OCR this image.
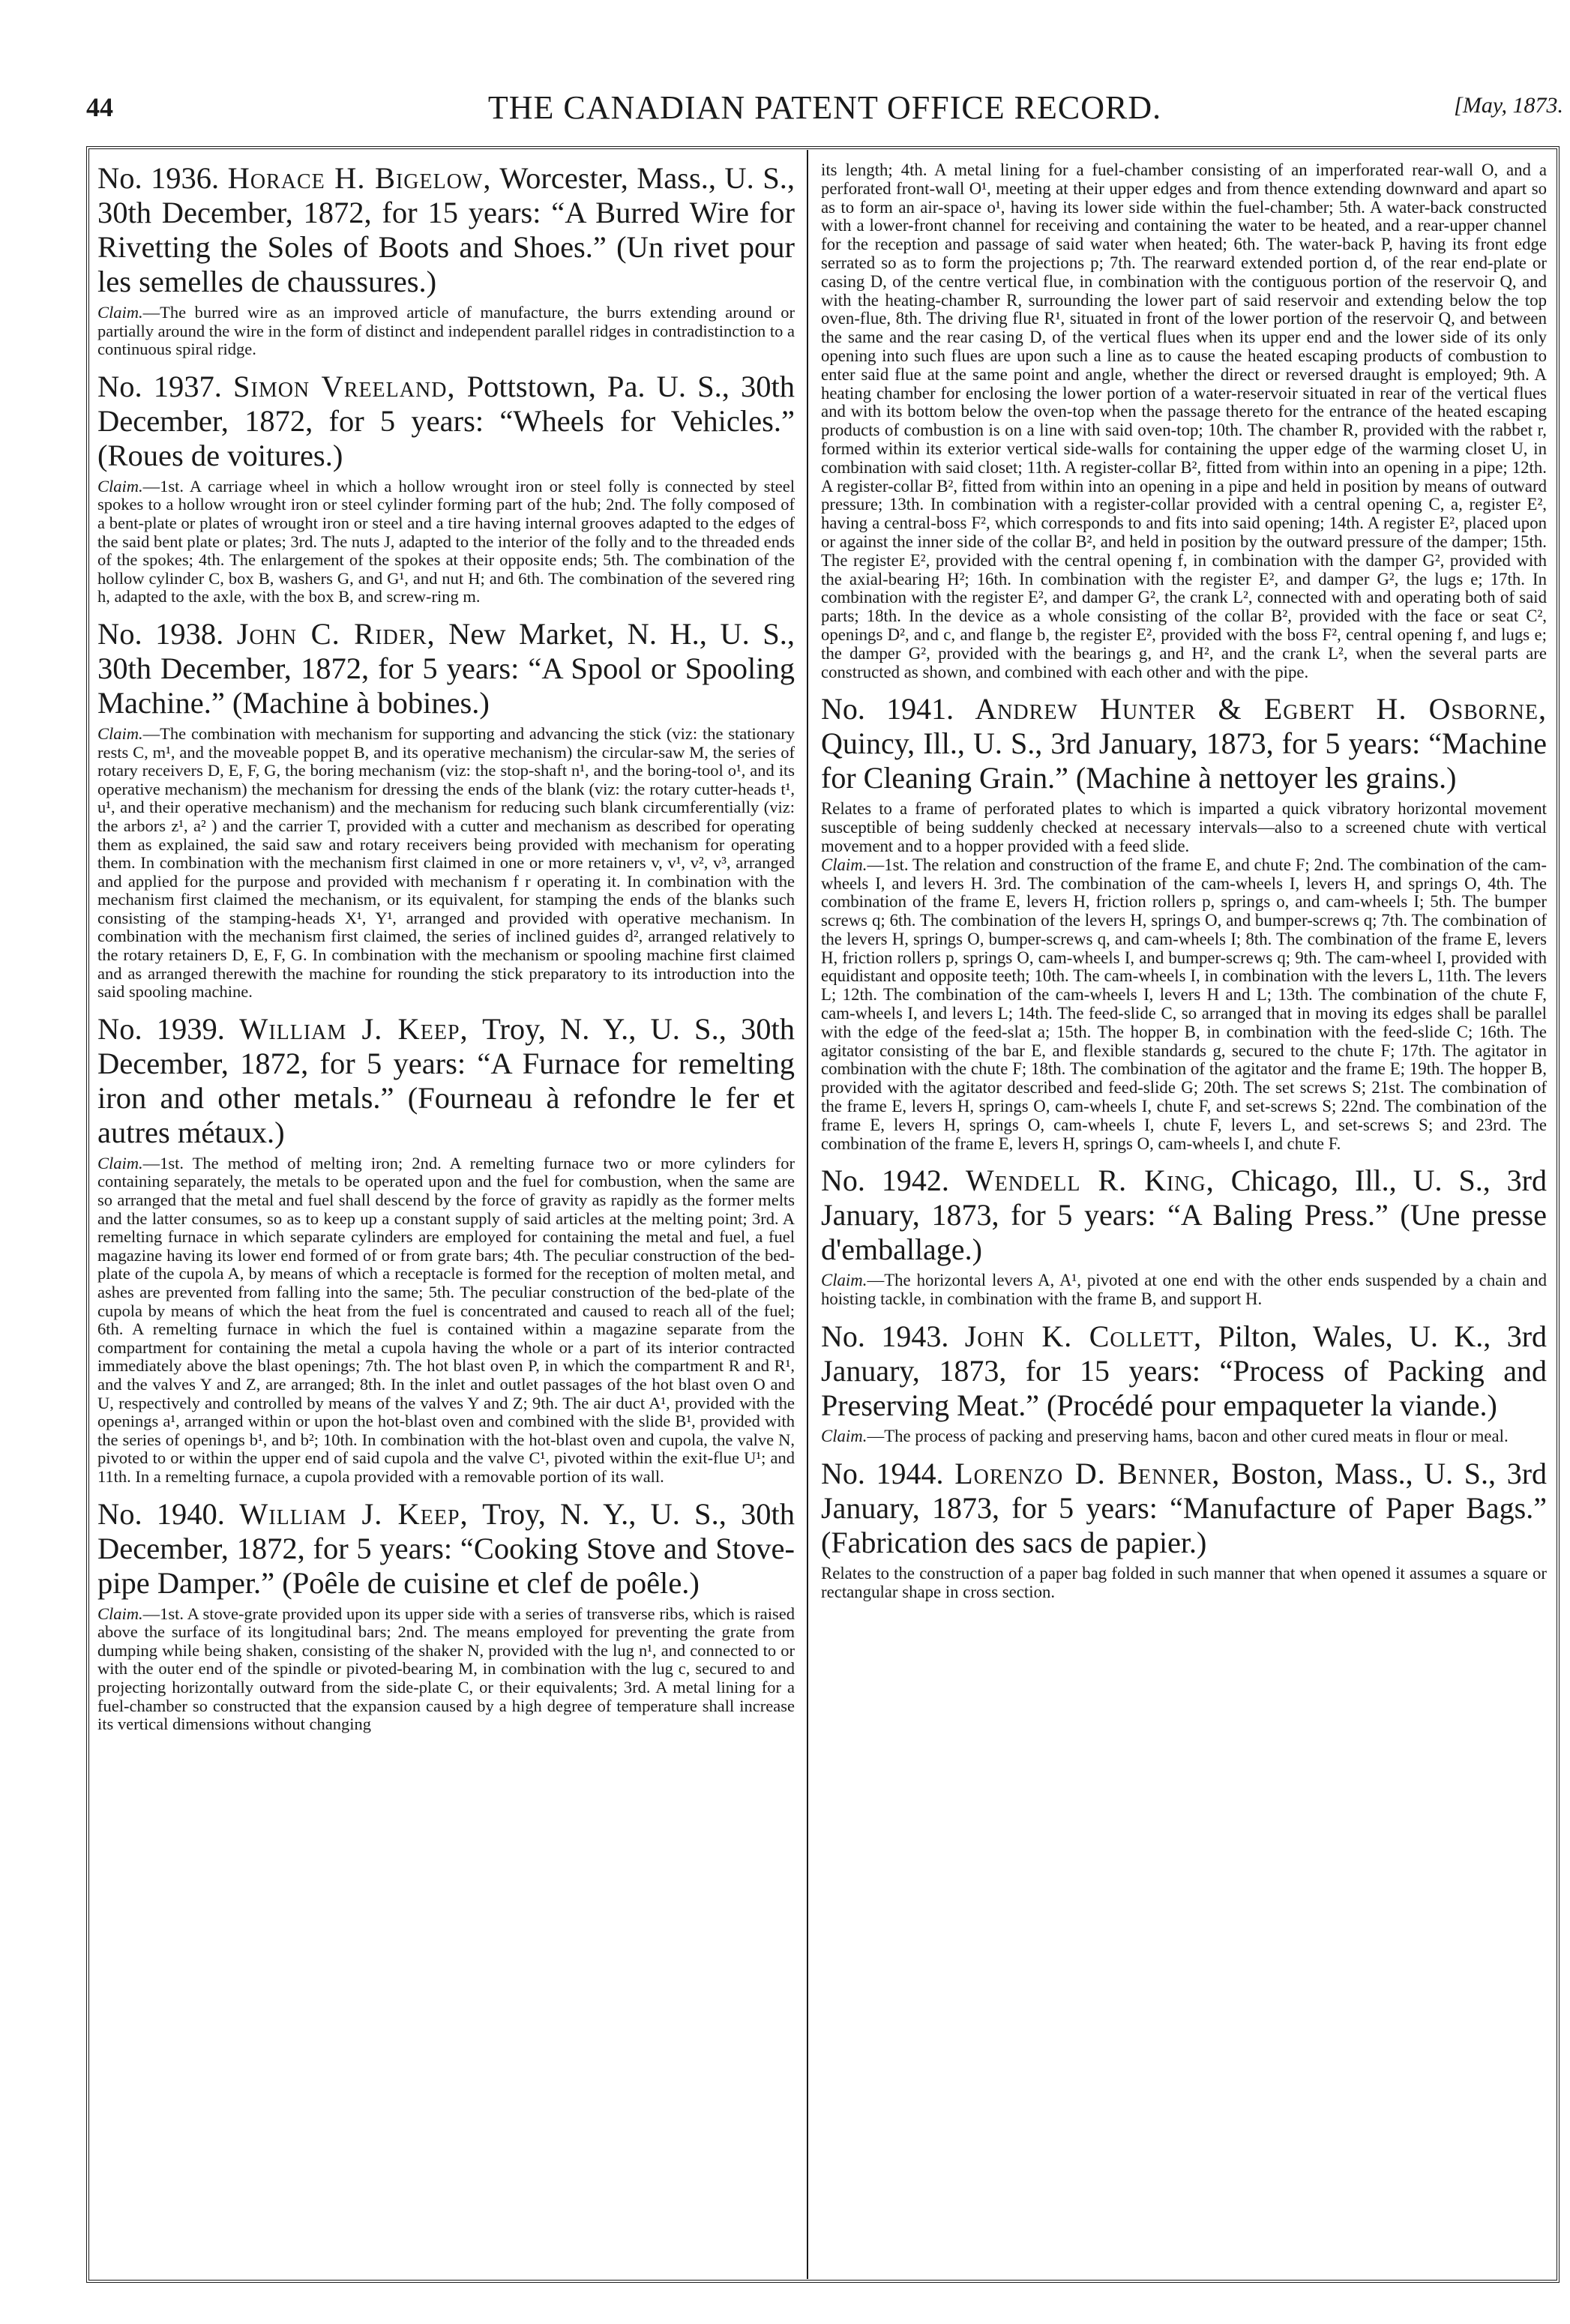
44	THE CANADIAN PATENT OFFICE RECORD.	[May, 1873.

No. 1936. Horace H. Bigelow, Worcester, Mass., U. S., 30th December, 1872, for 15 years: “A Burred Wire for Rivetting the Soles of Boots and Shoes.” (Un rivet pour les semelles de chaussures.)

Claim.—The burred wire as an improved article of manufacture, the burrs extending around or partially around the wire in the form of distinct and independent parallel ridges in contradistinction to a continuous spiral ridge.

No. 1937. Simon Vreeland, Pottstown, Pa. U. S., 30th December, 1872, for 5 years: “Wheels for Vehicles.” (Roues de voitures.)

Claim.—1st. A carriage wheel in which a hollow wrought iron or steel folly is connected by steel spokes to a hollow wrought iron or steel cylinder forming part of the hub; 2nd. The folly composed of a bent-plate or plates of wrought iron or steel and a tire having internal grooves adapted to the edges of the said bent plate or plates; 3rd. The nuts J, adapted to the interior of the folly and to the threaded ends of the spokes; 4th. The enlargement of the spokes at their opposite ends; 5th. The combination of the hollow cylinder C, box B, washers G, and G¹, and nut H; and 6th. The combination of the severed ring h, adapted to the axle, with the box B, and screw-ring m.

No. 1938. John C. Rider, New Market, N. H., U. S., 30th December, 1872, for 5 years: “A Spool or Spooling Machine.” (Machine à bobines.)

Claim.—The combination with mechanism for supporting and advancing the stick (viz: the stationary rests C, m¹, and the moveable poppet B, and its operative mechanism) the circular-saw M, the series of rotary receivers D, E, F, G, the boring mechanism (viz: the stop-shaft n¹, and the boring-tool o¹, and its operative mechanism) the mechanism for dressing the ends of the blank (viz: the rotary cutter-heads t¹, u¹, and their operative mechanism) and the mechanism for reducing such blank circumferentially (viz: the arbors z¹, a² ) and the carrier T, provided with a cutter and mechanism as described for operating them as explained, the said saw and rotary receivers being provided with mechanism for operating them. In combination with the mechanism first claimed in one or more retainers v, v¹, v², v³, arranged and applied for the purpose and provided with mechanism f r operating it. In combination with the mechanism first claimed the mechanism, or its equivalent, for stamping the ends of the blanks such consisting of the stamping-heads X¹, Y¹, arranged and provided with operative mechanism. In combination with the mechanism first claimed, the series of inclined guides d², arranged relatively to the rotary retainers D, E, F, G. In combination with the mechanism or spooling machine first claimed and as arranged therewith the machine for rounding the stick preparatory to its introduction into the said spooling machine.

No. 1939. William J. Keep, Troy, N. Y., U. S., 30th December, 1872, for 5 years: “A Furnace for remelting iron and other metals.” (Fourneau à refondre le fer et autres métaux.)

Claim.—1st. The method of melting iron; 2nd. A remelting furnace two or more cylinders for containing separately, the metals to be operated upon and the fuel for combustion, when the same are so arranged that the metal and fuel shall descend by the force of gravity as rapidly as the former melts and the latter consumes, so as to keep up a constant supply of said articles at the melting point; 3rd. A remelting furnace in which separate cylinders are employed for containing the metal and fuel, a fuel magazine having its lower end formed of or from grate bars; 4th. The peculiar construction of the bed-plate of the cupola A, by means of which a receptacle is formed for the reception of molten metal, and ashes are prevented from falling into the same; 5th. The peculiar construction of the bed-plate of the cupola by means of which the heat from the fuel is concentrated and caused to reach all of the fuel; 6th. A remelting furnace in which the fuel is contained within a magazine separate from the compartment for containing the metal a cupola having the whole or a part of its interior contracted immediately above the blast openings; 7th. The hot blast oven P, in which the compartment R and R¹, and the valves Y and Z, are arranged; 8th. In the inlet and outlet passages of the hot blast oven O and U, respectively and controlled by means of the valves Y and Z; 9th. The air duct A¹, provided with the openings a¹, arranged within or upon the hot-blast oven and combined with the slide B¹, provided with the series of openings b¹, and b²; 10th. In combination with the hot-blast oven and cupola, the valve N, pivoted to or within the upper end of said cupola and the valve C¹, pivoted within the exit-flue U¹; and 11th. In a remelting furnace, a cupola provided with a removable portion of its wall.

No. 1940. William J. Keep, Troy, N. Y., U. S., 30th December, 1872, for 5 years: “Cooking Stove and Stove-pipe Damper.” (Poêle de cuisine et clef de poêle.)

Claim.—1st. A stove-grate provided upon its upper side with a series of transverse ribs, which is raised above the surface of its longitudinal bars; 2nd. The means employed for preventing the grate from dumping while being shaken, consisting of the shaker N, provided with the lug n¹, and connected to or with the outer end of the spindle or pivoted-bearing M, in combination with the lug c, secured to and projecting horizontally outward from the side-plate C, or their equivalents; 3rd. A metal lining for a fuel-chamber so constructed that the expansion caused by a high degree of temperature shall increase its vertical dimensions without changing

its length; 4th. A metal lining for a fuel-chamber consisting of an imperforated rear-wall O, and a perforated front-wall O¹, meeting at their upper edges and from thence extending downward and apart so as to form an air-space o¹, having its lower side within the fuel-chamber; 5th. A water-back constructed with a lower-front channel for receiving and containing the water to be heated, and a rear-upper channel for the reception and passage of said water when heated; 6th. The water-back P, having its front edge serrated so as to form the projections p; 7th. The rearward extended portion d, of the rear end-plate or casing D, of the centre vertical flue, in combination with the contiguous portion of the reservoir Q, and with the heating-chamber R, surrounding the lower part of said reservoir and extending below the top oven-flue, 8th. The driving flue R¹, situated in front of the lower portion of the reservoir Q, and between the same and the rear casing D, of the vertical flues when its upper end and the lower side of its only opening into such flues are upon such a line as to cause the heated escaping products of combustion to enter said flue at the same point and angle, whether the direct or reversed draught is employed; 9th. A heating chamber for enclosing the lower portion of a water-reservoir situated in rear of the vertical flues and with its bottom below the oven-top when the passage thereto for the entrance of the heated escaping products of combustion is on a line with said oven-top; 10th. The chamber R, provided with the rabbet r, formed within its exterior vertical side-walls for containing the upper edge of the warming closet U, in combination with said closet; 11th. A register-collar B², fitted from within into an opening in a pipe; 12th. A register-collar B², fitted from within into an opening in a pipe and held in position by means of outward pressure; 13th. In combination with a register-collar provided with a central opening C, a, register E², having a central-boss F², which corresponds to and fits into said opening; 14th. A register E², placed upon or against the inner side of the collar B², and held in position by the outward pressure of the damper; 15th. The register E², provided with the central opening f, in combination with the damper G², provided with the axial-bearing H²; 16th. In combination with the register E², and damper G², the lugs e; 17th. In combination with the register E², and damper G², the crank L², connected with and operating both of said parts; 18th. In the device as a whole consisting of the collar B², provided with the face or seat C², openings D², and c, and flange b, the register E², provided with the boss F², central opening f, and lugs e; the damper G², provided with the bearings g, and H², and the crank L², when the several parts are constructed as shown, and combined with each other and with the pipe.

No. 1941. Andrew Hunter & Egbert H. Osborne, Quincy, Ill., U. S., 3rd January, 1873, for 5 years: “Machine for Cleaning Grain.” (Machine à nettoyer les grains.)

Relates to a frame of perforated plates to which is imparted a quick vibratory horizontal movement susceptible of being suddenly checked at necessary intervals—also to a screened chute with vertical movement and to a hopper provided with a feed slide.

Claim.—1st. The relation and construction of the frame E, and chute F; 2nd. The combination of the cam-wheels I, and levers H. 3rd. The combination of the cam-wheels I, levers H, and springs O, 4th. The combination of the frame E, levers H, friction rollers p, springs o, and cam-wheels I; 5th. The bumper screws q; 6th. The combination of the levers H, springs O, and bumper-screws q; 7th. The combination of the levers H, springs O, bumper-screws q, and cam-wheels I; 8th. The combination of the frame E, levers H, friction rollers p, springs O, cam-wheels I, and bumper-screws q; 9th. The cam-wheel I, provided with equidistant and opposite teeth; 10th. The cam-wheels I, in combination with the levers L, 11th. The levers L; 12th. The combination of the cam-wheels I, levers H and L; 13th. The combination of the chute F, cam-wheels I, and levers L; 14th. The feed-slide C, so arranged that in moving its edges shall be parallel with the edge of the feed-slat a; 15th. The hopper B, in combination with the feed-slide C; 16th. The agitator consisting of the bar E, and flexible standards g, secured to the chute F; 17th. The agitator in combination with the chute F; 18th. The combination of the agitator and the frame E; 19th. The hopper B, provided with the agitator described and feed-slide G; 20th. The set screws S; 21st. The combination of the frame E, levers H, springs O, cam-wheels I, chute F, and set-screws S; 22nd. The combination of the frame E, levers H, springs O, cam-wheels I, chute F, levers L, and set-screws S; and 23rd. The combination of the frame E, levers H, springs O, cam-wheels I, and chute F.

No. 1942. Wendell R. King, Chicago, Ill., U. S., 3rd January, 1873, for 5 years: “A Baling Press.” (Une presse d'emballage.)

Claim.—The horizontal levers A, A¹, pivoted at one end with the other ends suspended by a chain and hoisting tackle, in combination with the frame B, and support H.

No. 1943. John K. Collett, Pilton, Wales, U. K., 3rd January, 1873, for 15 years: “Process of Packing and Preserving Meat.” (Procédé pour empaqueter la viande.)

Claim.—The process of packing and preserving hams, bacon and other cured meats in flour or meal.

No. 1944. Lorenzo D. Benner, Boston, Mass., U. S., 3rd January, 1873, for 5 years: “Manufacture of Paper Bags.” (Fabrication des sacs de papier.)

Relates to the construction of a paper bag folded in such manner that when opened it assumes a square or rectangular shape in cross section.
